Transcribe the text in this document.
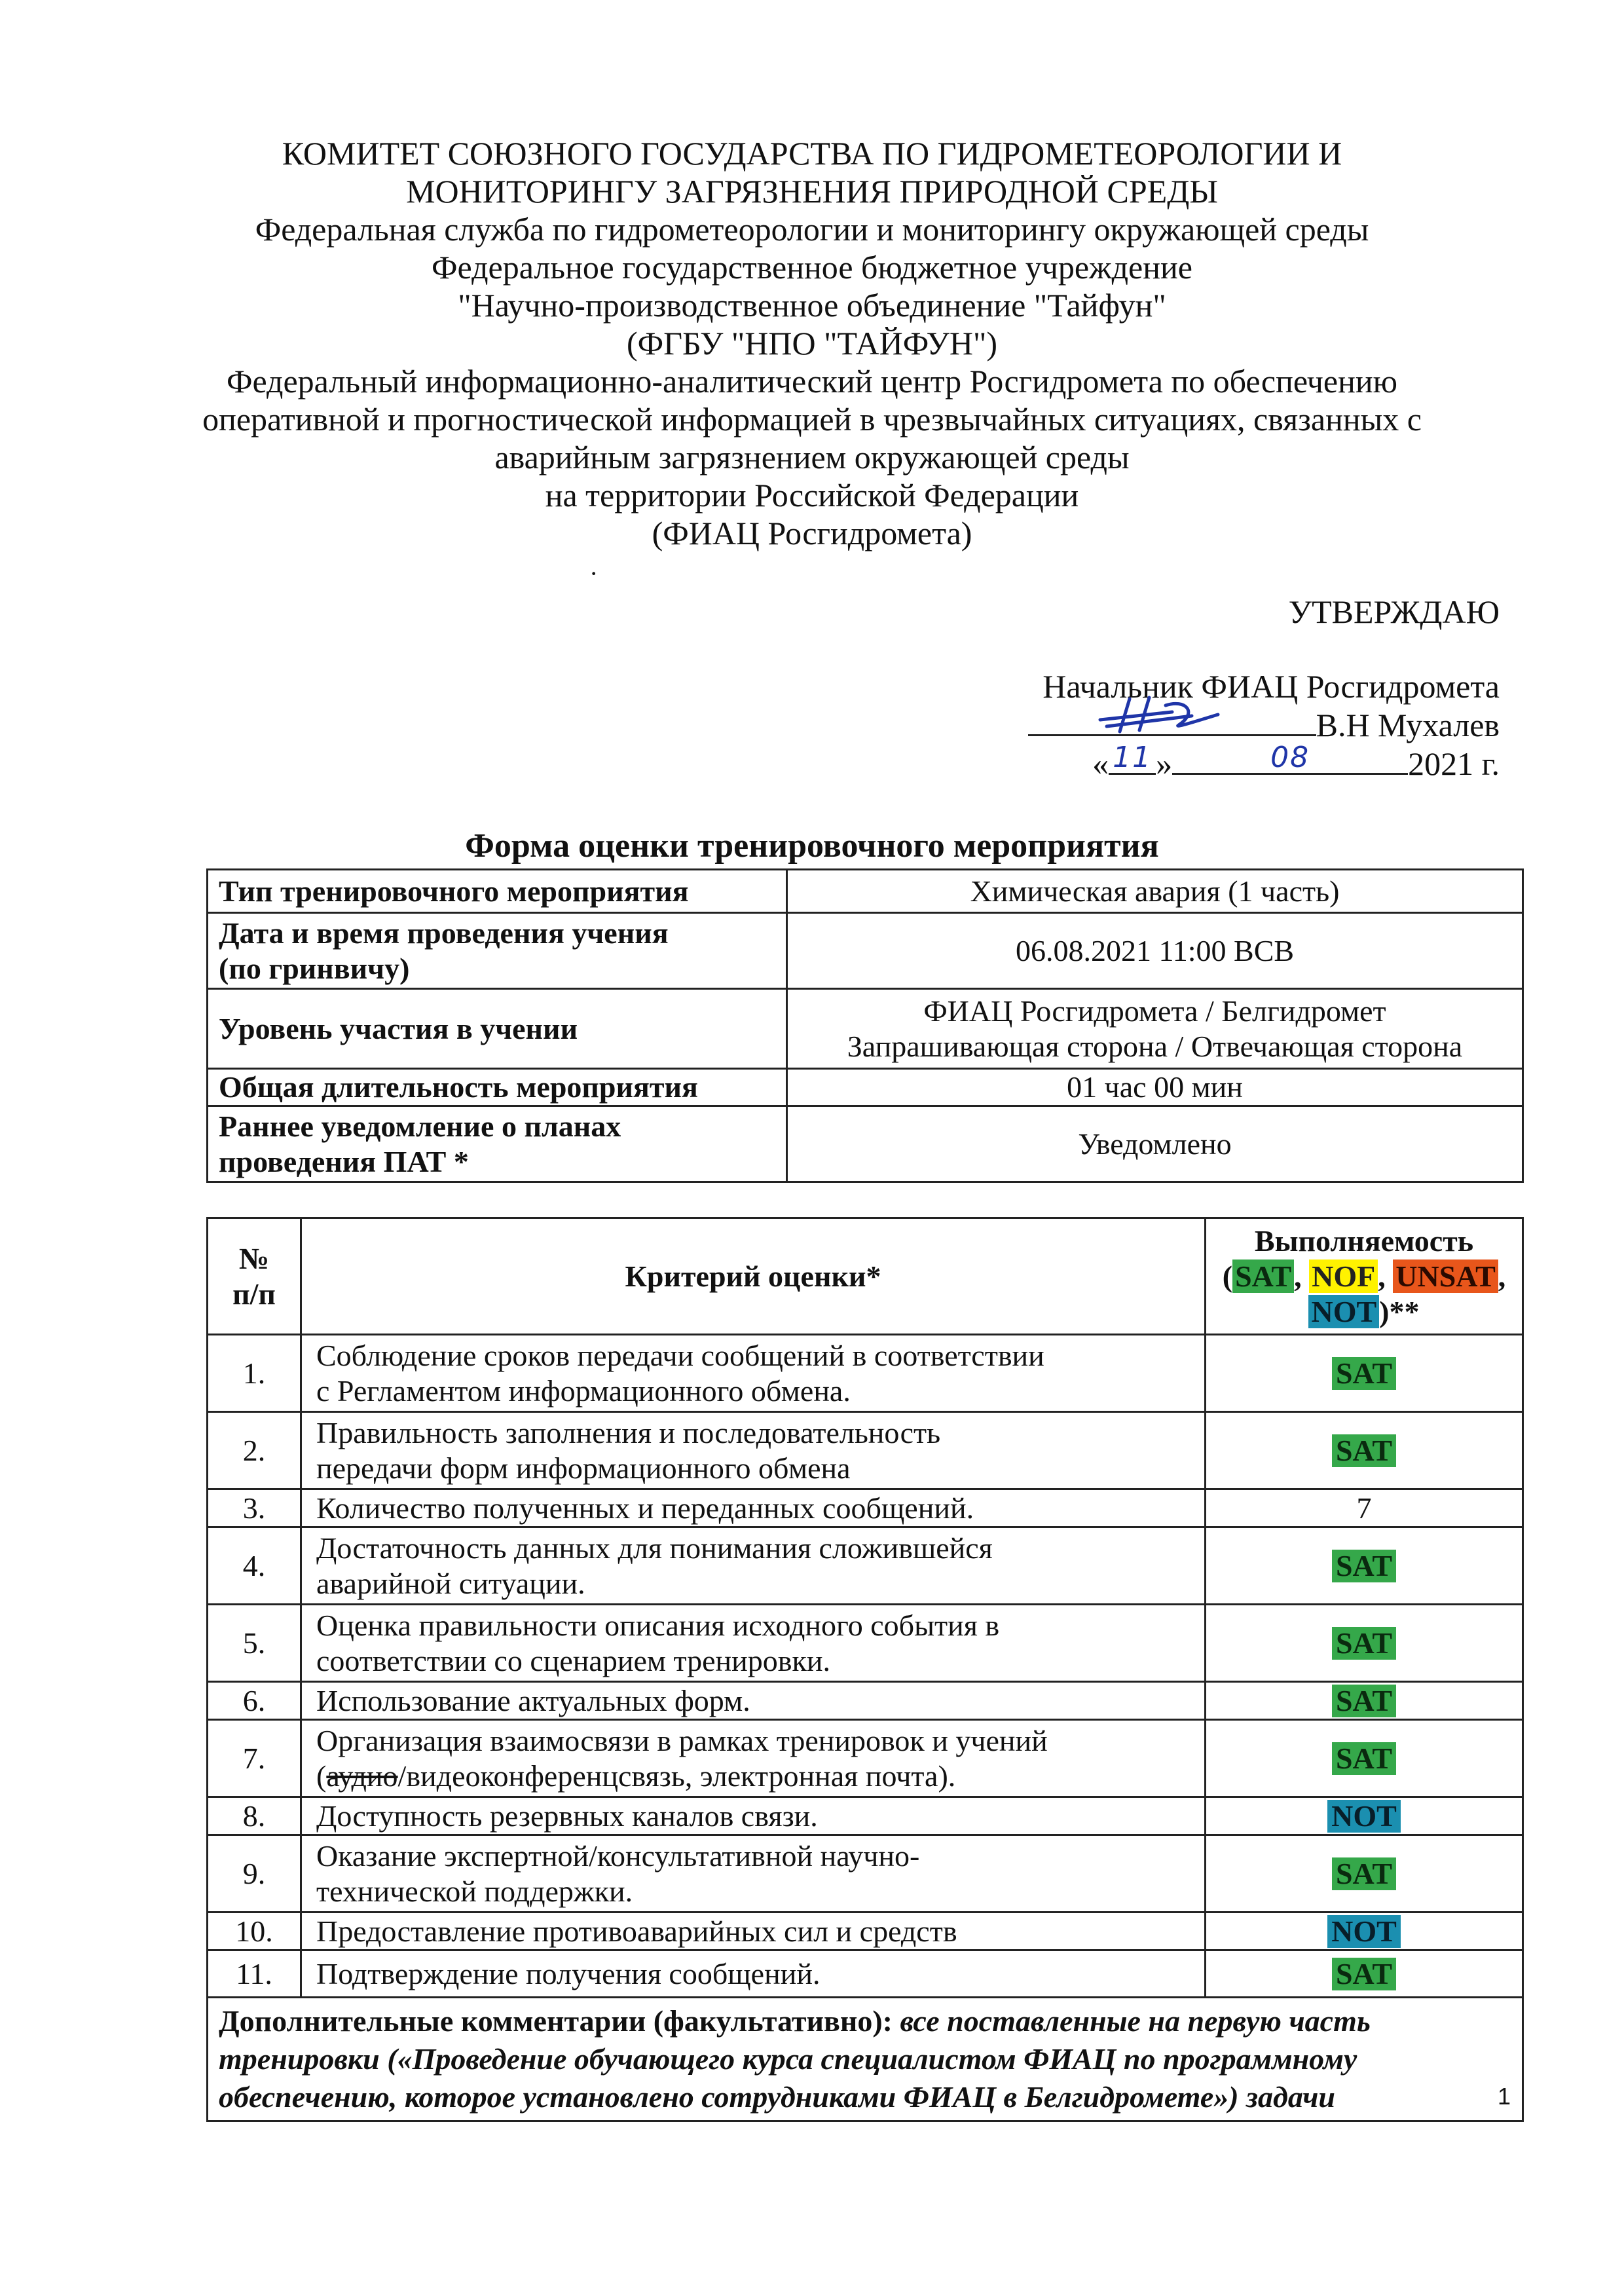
КОМИТЕТ СОЮЗНОГО ГОСУДАРСТВА ПО ГИДРОМЕТЕОРОЛОГИИ И
МОНИТОРИНГУ ЗАГРЯЗНЕНИЯ ПРИРОДНОЙ СРЕДЫ
Федеральная служба по гидрометеорологии и мониторингу окружающей среды
Федеральное государственное бюджетное учреждение
"Научно-производственное объединение "Тайфун"
(ФГБУ "НПО "ТАЙФУН")
Федеральный информационно-аналитический центр Росгидромета по обеспечению
оперативной и прогностической информацией в чрезвычайных ситуациях, связанных с
аварийным загрязнением окружающей среды
на территории Российской Федерации
(ФИАЦ Росгидромета)
·
УТВЕРЖДАЮ
Начальник ФИАЦ Росгидромета
В.Н Мухалев
« 11 »	08	2021 г.
Форма оценки тренировочного мероприятия
Тип тренировочного мероприятия	Химическая авария (1 часть)
Дата и время проведения учения
(по гринвичу)	06.08.2021 11:00 BCB
Уровень участия в учении	ФИАЦ Росгидромета / Белгидромет
Запрашивающая сторона / Отвечающая сторона
Общая длительность мероприятия	01 час 00 мин
Раннее уведомление о планах
проведения ПАТ *	Уведомлено
№
п/п	Критерий оценки*	Выполняемость
(SAT, NOF, UNSAT,
NOT)**
1.	Соблюдение сроков передачи сообщений в соответствии
с Регламентом информационного обмена.	SAT
2.	Правильность заполнения и последовательность
передачи форм информационного обмена	SAT
3.	Количество полученных и переданных сообщений.	7
4.	Достаточность данных для понимания сложившейся
аварийной ситуации.	SAT
5.	Оценка правильности описания исходного события в
соответствии со сценарием тренировки.	SAT
6.	Использование актуальных форм.	SAT
7.	Организация взаимосвязи в рамках тренировок и учений
(аудио/видеоконференцсвязь, электронная почта).	SAT
8.	Доступность резервных каналов связи.	NOT
9.	Оказание экспертной/консультативной научно-
технической поддержки.	SAT
10.	Предоставление противоаварийных сил и средств	NOT
11.	Подтверждение получения сообщений.	SAT
Дополнительные комментарии (факультативно): все поставленные на первую часть тренировки («Проведение обучающего курса специалистом ФИАЦ по программному обеспечению, которое установлено сотрудниками ФИАЦ в Белгидромете») задачи			1
